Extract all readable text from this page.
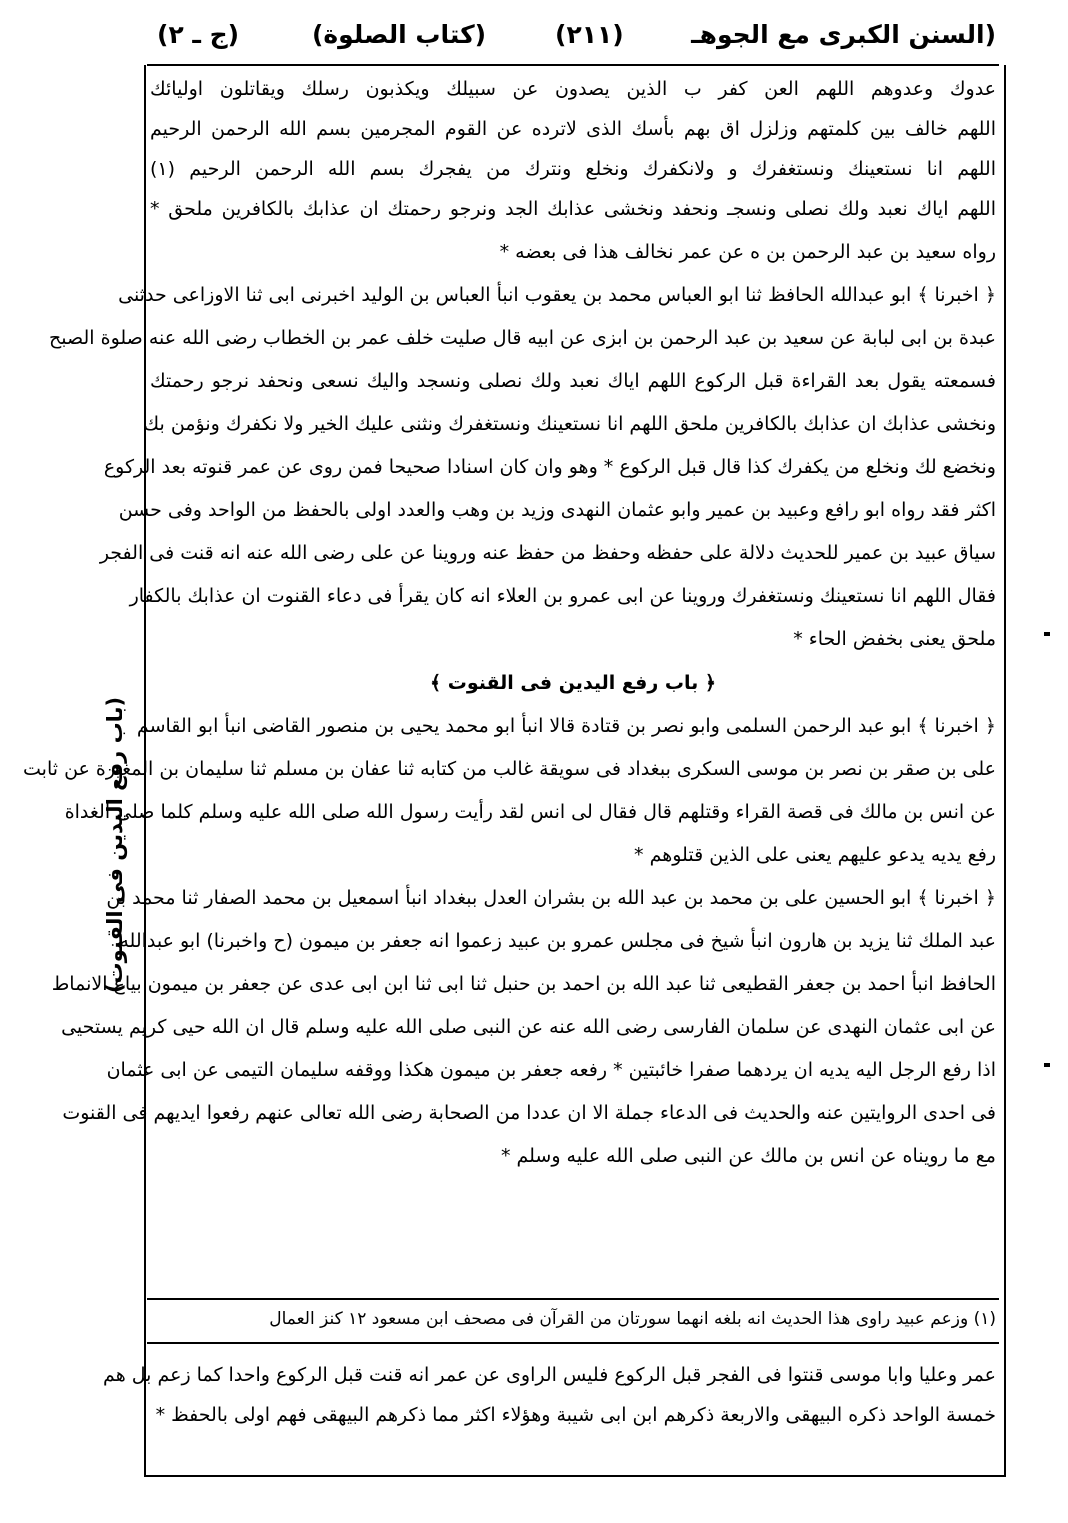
(السنن الكبرى مع الجوهـ
(٢١١)
(كتاب الصلوة)
(ج ـ ٢)
(باب رفع اليدين فى القنوت)
عدوك وعدوهم اللهم العن كفر ب الذين يصدون عن سبيلك ويكذبون رسلك ويقاتلون اوليائك
اللهم خالف بين كلمتهم وزلزل اق بهم بأسك الذى لاترده عن القوم المجرمين بسم الله الرحمن الرحيم
اللهم انا نستعينك ونستغفرك و ولانكفرك ونخلع ونترك من يفجرك بسم الله الرحمن الرحيم (١)
اللهم اياك نعبد ولك نصلى ونسجـ ونحفد ونخشى عذابك الجد ونرجو رحمتك ان عذابك بالكافرين ملحق *
رواه سعيد بن عبد الرحمن بن ه عن عمر نخالف هذا فى بعضه *
﴿ اخبرنا ﴾ ابو عبدالله الحافظ ثنا ابو العباس محمد بن يعقوب انبأ العباس بن الوليد اخبرنى ابى ثنا الاوزاعى حدثنى
عبدة بن ابى لبابة عن سعيد بن عبد الرحمن بن ابزى عن ابيه قال صليت خلف عمر بن الخطاب رضى الله عنه صلوة الصبح
فسمعته يقول بعد القراءة قبل الركوع اللهم اياك نعبد ولك نصلى ونسجد واليك نسعى ونحفد نرجو رحمتك
ونخشى عذابك ان عذابك بالكافرين ملحق اللهم انا نستعينك ونستغفرك ونثنى عليك الخير ولا نكفرك ونؤمن بك
ونخضع لك ونخلع من يكفرك كذا قال قبل الركوع * وهو وان كان اسنادا صحيحا فمن روى عن عمر قنوته بعد الركوع
اكثر فقد رواه ابو رافع وعبيد بن عمير وابو عثمان النهدى وزيد بن وهب والعدد اولى بالحفظ من الواحد وفى حسن
سياق عبيد بن عمير للحديث دلالة على حفظه وحفظ من حفظ عنه وروينا عن على رضى الله عنه انه قنت فى الفجر
فقال اللهم انا نستعينك ونستغفرك وروينا عن ابى عمرو بن العلاء انه كان يقرأ فى دعاء القنوت ان عذابك بالكفار
ملحق يعنى بخفض الحاء *
﴿ باب رفع اليدين فى القنوت ﴾
﴿ اخبرنا ﴾ ابو عبد الرحمن السلمى وابو نصر بن قتادة قالا انبأ ابو محمد يحيى بن منصور القاضى انبأ ابو القاسم
على بن صقر بن نصر بن موسى السكرى ببغداد فى سويقة غالب من كتابه ثنا عفان بن مسلم ثنا سليمان بن المغيرة عن ثابت
عن انس بن مالك فى قصة القراء وقتلهم قال فقال لى انس لقد رأيت رسول الله صلى الله عليه وسلم كلما صلى الغداة
رفع يديه يدعو عليهم يعنى على الذين قتلوهم *
﴿ اخبرنا ﴾ ابو الحسين على بن محمد بن عبد الله بن بشران العدل ببغداد انبأ اسمعيل بن محمد الصفار ثنا محمد بن
عبد الملك ثنا يزيد بن هارون انبأ شيخ فى مجلس عمرو بن عبيد زعموا انه جعفر بن ميمون (ح واخبرنا) ابو عبدالله
الحافظ انبأ احمد بن جعفر القطيعى ثنا عبد الله بن احمد بن حنبل ثنا ابى ثنا ابن ابى عدى عن جعفر بن ميمون بياع الانماط
عن ابى عثمان النهدى عن سلمان الفارسى رضى الله عنه عن النبى صلى الله عليه وسلم قال ان الله حيى كريم يستحيى
اذا رفع الرجل اليه يديه ان يردهما صفرا خائبتين * رفعه جعفر بن ميمون هكذا ووقفه سليمان التيمى عن ابى عثمان
فى احدى الروايتين عنه والحديث فى الدعاء جملة الا ان عددا من الصحابة رضى الله تعالى عنهم رفعوا ايديهم فى القنوت
مع ما رويناه عن انس بن مالك عن النبى صلى الله عليه وسلم *
(١) وزعم عبيد راوى هذا الحديث انه بلغه انهما سورتان من القرآن فى مصحف ابن مسعود ١٢ كنز العمال
عمر وعليا وابا موسى قنتوا فى الفجر قبل الركوع فليس الراوى عن عمر انه قنت قبل الركوع واحدا كما زعم بل هم
خمسة الواحد ذكره البيهقى والاربعة ذكرهم ابن ابى شيبة وهؤلاء اكثر مما ذكرهم البيهقى فهم اولى بالحفظ *
